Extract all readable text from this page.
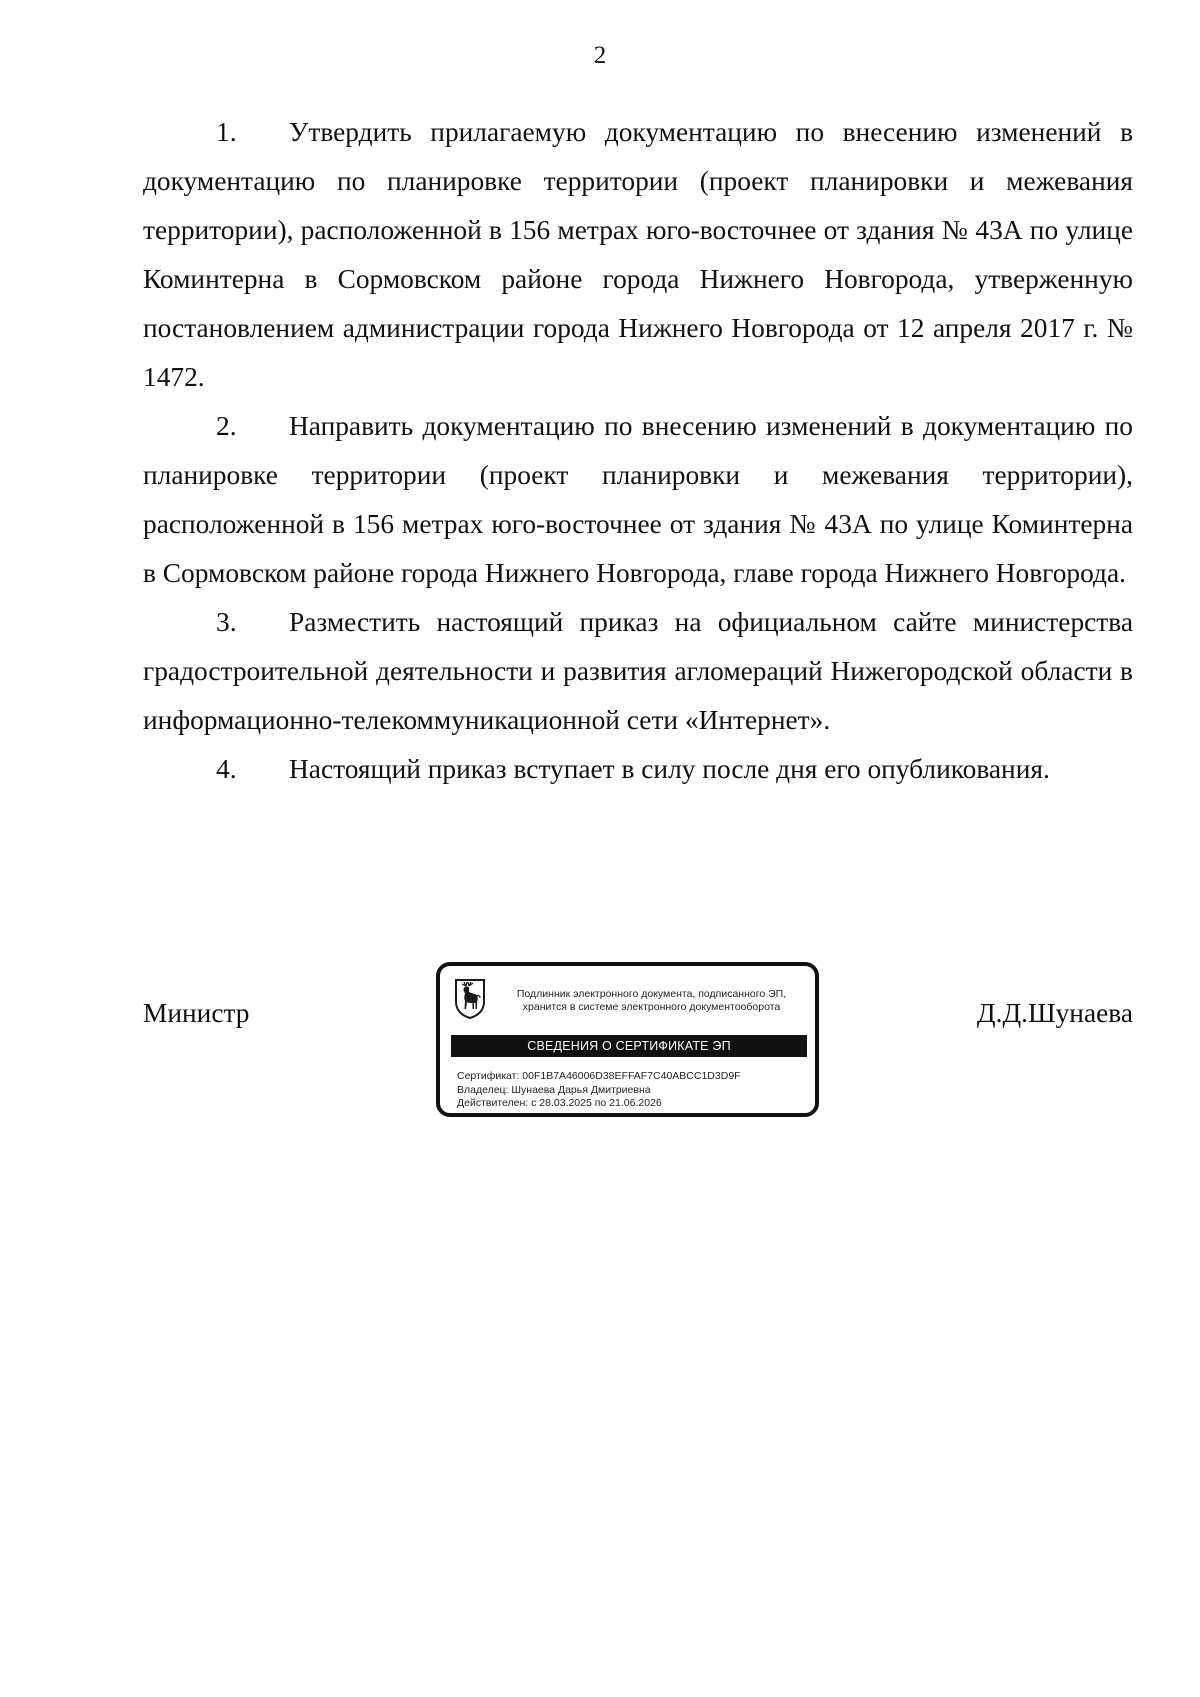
2

1. Утвердить прилагаемую документацию по внесению изменений в документацию по планировке территории (проект планировки и межевания территории), расположенной в 156 метрах юго-восточнее от здания № 43А по улице Коминтерна в Сормовском районе города Нижнего Новгорода, утверженную постановлением администрации города Нижнего Новгорода от 12 апреля 2017 г. № 1472.

2. Направить документацию по внесению изменений в документацию по планировке территории (проект планировки и межевания территории), расположенной в 156 метрах юго-восточнее от здания № 43А по улице Коминтерна в Сормовском районе города Нижнего Новгорода, главе города Нижнего Новгорода.

3. Разместить настоящий приказ на официальном сайте министерства градостроительной деятельности и развития агломераций Нижегородской области в информационно-телекоммуникационной сети «Интернет».

4. Настоящий приказ вступает в силу после дня его опубликования.

Министр	Д.Д.Шунаева
Подлинник электронного документа, подписанного ЭП,
хранится в системе электронного документооборота
СВЕДЕНИЯ О СЕРТИФИКАТЕ ЭП
Сертификат: 00F1B7A46006D38EFFAF7C40ABCC1D3D9F
Владелец: Шунаева Дарья Дмитриевна
Действителен: с 28.03.2025 по 21.06.2026
